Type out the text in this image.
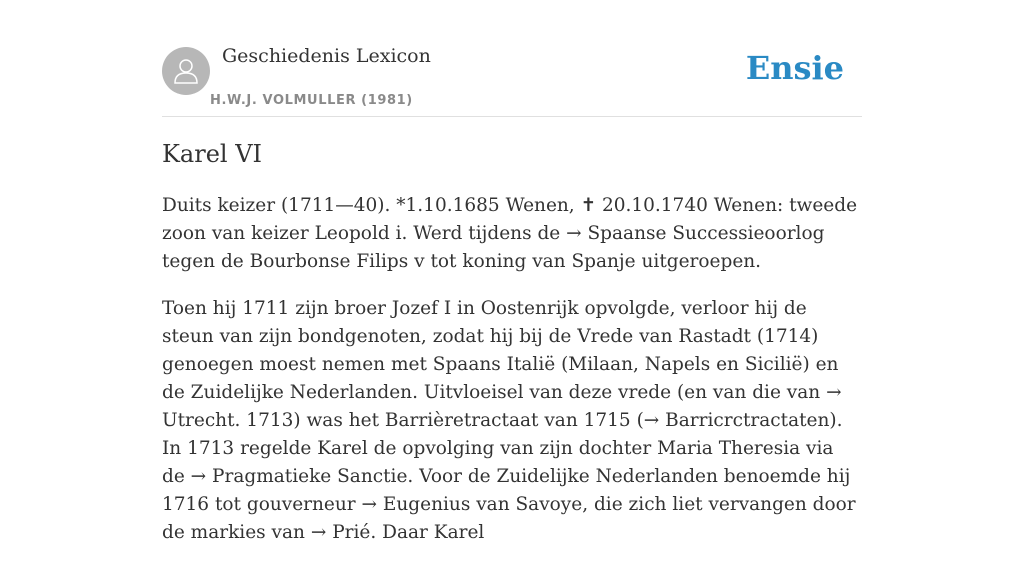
Geschiedenis Lexicon
H.W.J. VOLMULLER (1981)
Ensie
Karel VI

Duits keizer (1711—40). *1.10.1685 Wenen, ✝ 20.10.1740 Wenen: tweede zoon van keizer Leopold i. Werd tijdens de → Spaanse Successieoorlog tegen de Bourbonse Filips v tot koning van Spanje uitgeroepen.

Toen hij 1711 zijn broer Jozef I in Oostenrijk opvolgde, verloor hij de steun van zijn bondgenoten, zodat hij bij de Vrede van Rastadt (1714) genoegen moest nemen met Spaans Italië (Milaan, Napels en Sicilië) en de Zuidelijke Nederlanden. Uitvloeisel van deze vrede (en van die van → Utrecht. 1713) was het Barrièretractaat van 1715 (→ Barricrctractaten). In 1713 regelde Karel de opvolging van zijn dochter Maria Theresia via de → Pragmatieke Sanctie. Voor de Zuidelijke Nederlanden benoemde hij 1716 tot gouverneur → Eugenius van Savoye, die zich liet vervangen door de markies van → Prié. Daar Karel
